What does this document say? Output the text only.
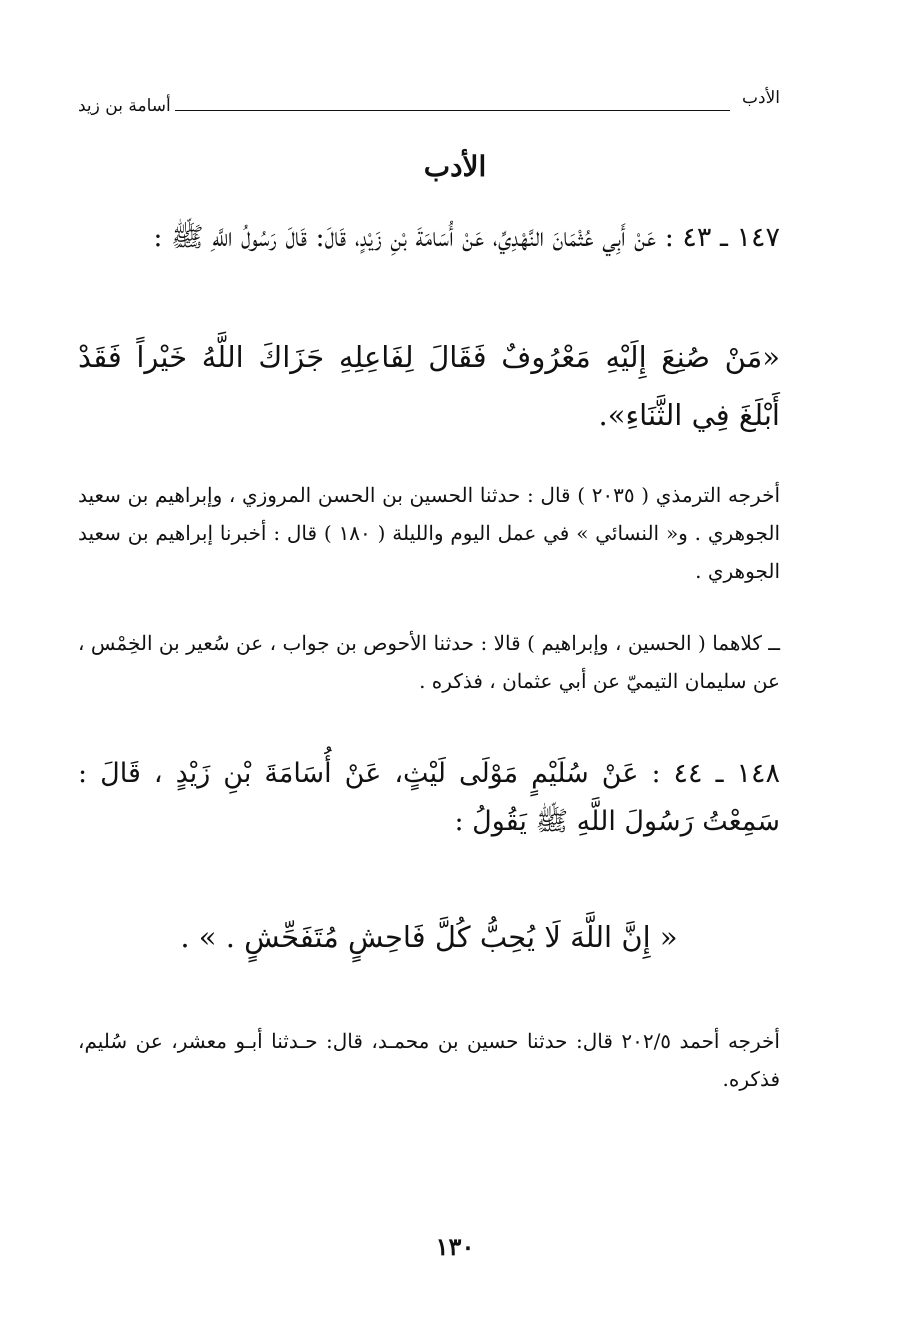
الأدب
أسامة بن زيد
الأدب
١٤٧ ـ ٤٣ : عَنْ أَبِي عُثْمَانَ النَّهْدِيِّ، عَنْ أُسَامَةَ بْنِ زَيْدٍ، قَالَ: قَالَ رَسُولُ اللَّهِ ﷺ :
«مَنْ صُنِعَ إِلَيْهِ مَعْرُوفٌ فَقَالَ لِفَاعِلِهِ جَزَاكَ اللَّهُ خَيْراً فَقَدْ أَبْلَغَ فِي الثَّنَاءِ».
أخرجه الترمذي ( ٢٠٣٥ ) قال : حدثنا الحسين بن الحسن المروزي ، وإبراهيم بن سعيد الجوهري . و« النسائي » في عمل اليوم والليلة ( ١٨٠ ) قال : أخبرنا إبراهيم بن سعيد الجوهري .
ــ كلاهما ( الحسين ، وإبراهيم ) قالا : حدثنا الأحوص بن جواب ، عن سُعير بن الخِمْس ، عن سليمان التيميّ عن أبي عثمان ، فذكره .
١٤٨ ـ ٤٤ : عَنْ سُلَيْمٍ مَوْلَى لَيْثٍ، عَنْ أُسَامَةَ بْنِ زَيْدٍ ، قَالَ : سَمِعْتُ رَسُولَ اللَّهِ ﷺ يَقُولُ :
« إِنَّ اللَّهَ لَا يُحِبُّ كُلَّ فَاحِشٍ مُتَفَحِّشٍ . » .
أخرجه أحمد ٢٠٢/٥ قال: حدثنا حسين بن محمـد، قال: حـدثنا أبـو معشر، عن سُليم، فذكره.
١٣٠
